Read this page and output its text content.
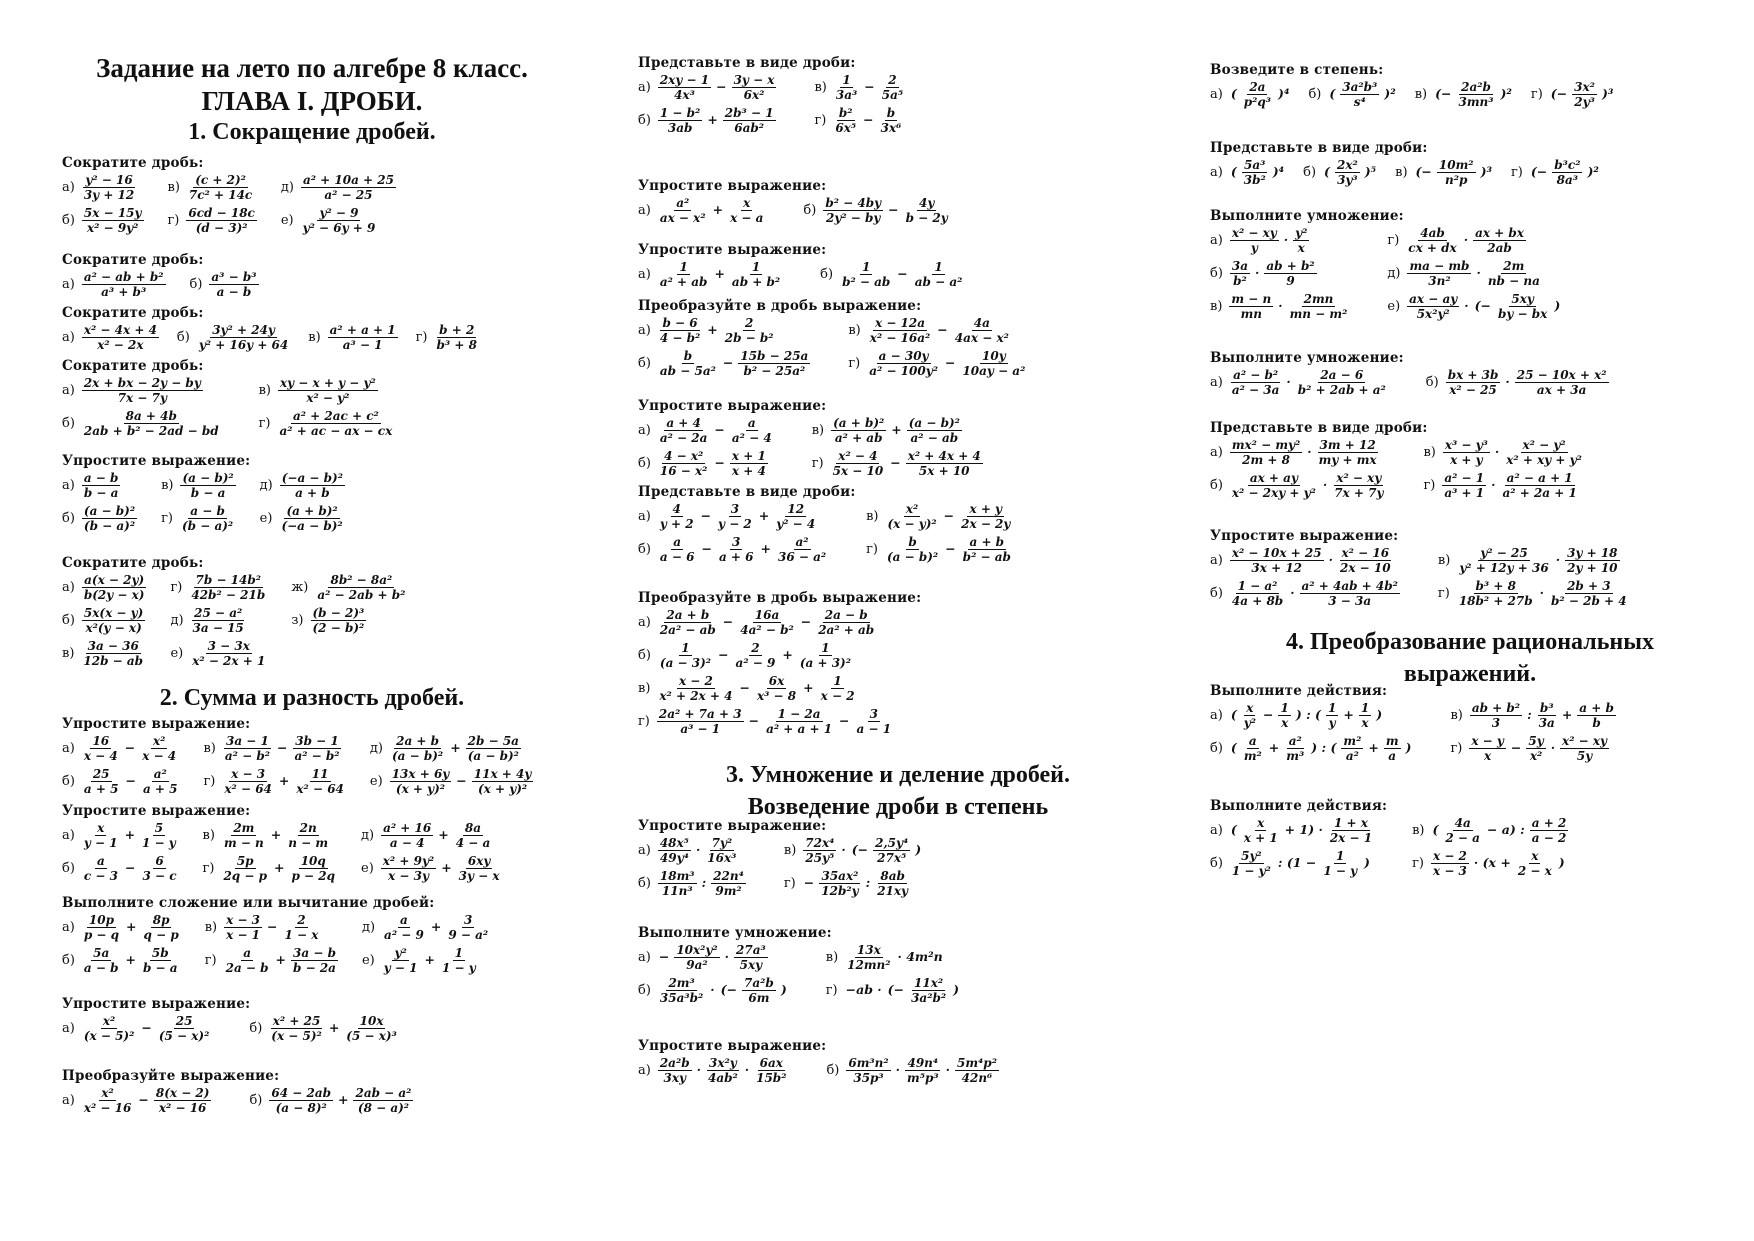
Задание на лето по алгебре 8 класс.
ГЛАВА I. ДРОБИ.
1. Сокращение дробей.
Сократите дробь:
$а) \frac{\text{y² − 16}}{3y + 12} в) \frac{\text{(c + 2)²}}{\text{7c² + 14c}} д) \frac{\text{a² + 10a + 25}}{\text{a² − 25}}$
$б) \frac{5x - 15y}{\text{x² − 9y²}} г) \frac{6cd - 18c}{\text{(d − 3)²}} е) \frac{\text{y² − 9}}{\text{y² − 6y + 9}}$
Сократите дробь:
$а) \frac{\text{a² − ab + b²}}{\text{a³ + b³}} б) \frac{\text{a³ − b³}}{a - b}$
Сократите дробь:
$а) \frac{\text{x² − 4x + 4}}{\text{x² − 2x}} б) \frac{\text{3y² + 24y}}{\text{y² + 16y + 64}} в) \frac{\text{a² + a + 1}}{\text{a³ − 1}} г) \frac{b + 2}{\text{b³ + 8}}$
Сократите дробь:
$а) \frac{2x + bx - 2y - by}{7x - 7y}$	$в) \frac{\text{xy − x + y − y²}}{\text{x² − y²}}$
$б) \frac{8a + 4b}{\text{2ab + b² − 2ad − bd}}$	$г) \frac{\text{a² + 2ac + c²}}{\text{a² + ac − ax − cx}}$
Упростите выражение:
$а) \frac{a - b}{b - a}$	$в) \frac{\text{(a − b)²}}{b - a} д) \frac{\text{(−a − b)²}}{a + b}$
$б) \frac{\text{(a − b)²}}{\text{(b − a)²}} г) \frac{a - b}{\text{(b − a)²}} е) \frac{\text{(a + b)²}}{\text{(−a − b)²}}$
Сократите дробь:
$а) \frac{a(x - 2y)}{b(2y - x)} г) \frac{\text{7b − 14b²}}{\text{42b² − 21b}} ж) \frac{\text{8b² − 8a²}}{\text{a² − 2ab + b²}}$
$б) \frac{5x(x - y)}{\text{x²(y − x)}} д) \frac{\text{25 − a²}}{3a - 15}$	$з) \frac{\text{(b − 2)³}}{\text{(2 − b)²}}$
$в) \frac{3a - 36}{12b - ab} е) \frac{3 - 3x}{\text{x² − 2x + 1}}$
2. Сумма и разность дробей.
Упростите выражение:
$а) \frac{16}{x - 4} - \frac{\text{x²}}{x - 4} в) \frac{3a - 1}{\text{a² − b²}} - \frac{3b - 1}{\text{a² − b²}} д) \frac{2a + b}{\text{(a − b)²}} + \frac{2b - 5a}{\text{(a − b)²}}$
$б) \frac{25}{a + 5} - \frac{\text{a²}}{a + 5} г) \frac{x - 3}{\text{x² − 64}} + \frac{11}{\text{x² − 64}} е) \frac{13x + 6y}{\text{(x + y)²}} - \frac{11x + 4y}{\text{(x + y)²}}$
Упростите выражение:
$а) \frac{x}{y - 1} + \frac{5}{1 - y} в) \frac{2m}{m - n} + \frac{2n}{n - m} д) \frac{\text{a² + 16}}{a - 4} + \frac{8a}{4 - a}$
$б) \frac{a}{c - 3} - \frac{6}{3 - c} г) \frac{5p}{2q - p} + \frac{10q}{p - 2q} е) \frac{\text{x² + 9y²}}{x - 3y} + \frac{6xy}{3y - x}$
Выполните сложение или вычитание дробей:
$а) \frac{10p}{p - q} + \frac{8p}{q - p} в) \frac{x - 3}{x - 1} - \frac{2}{1 - x}$	$д) \frac{a}{\text{a² − 9}} + \frac{3}{\text{9 − a²}}$
$б) \frac{5a}{a - b} + \frac{5b}{b - a} г) \frac{a}{2a - b} + \frac{3a - b}{b - 2a} е) \frac{\text{y²}}{y - 1} + \frac{1}{1 - y}$
Упростите выражение:
$а) \frac{\text{x²}}{\text{(x − 5)²}} - \frac{25}{\text{(5 − x)²}}$	$б) \frac{\text{x² + 25}}{\text{(x − 5)²}} + \frac{10x}{\text{(5 − x)³}}$
Преобразуйте выражение:
$а) \frac{\text{x²}}{\text{x² − 16}} - \frac{8(x - 2)}{\text{x² − 16}}$	$б) \frac{64 - 2ab}{\text{(a − 8)²}} + \frac{\text{2ab − a²}}{\text{(8 − a)²}}$
Представьте в виде дроби:
$а) \frac{2xy - 1}{\text{4x³}} - \frac{3y - x}{\text{6x²}}$	$в) \frac{1}{\text{3a³}} - \frac{2}{\text{5a⁵}}$
$б) \frac{\text{1 − b²}}{3ab} + \frac{\text{2b³ − 1}}{\text{6ab²}}$	$г) \frac{\text{b²}}{\text{6x⁵}} - \frac{b}{\text{3x⁶}}$
Упростите выражение:
$а) \frac{\text{a²}}{\text{ax − x²}} + \frac{x}{x - a}$	$б) \frac{\text{b² − 4by}}{\text{2y² − by}} - \frac{4y}{b - 2y}$
Упростите выражение:
$а) \frac{1}{\text{a² + ab}} + \frac{1}{\text{ab + b²}}$	$б) \frac{1}{\text{b² − ab}} - \frac{1}{\text{ab − a²}}$
Преобразуйте в дробь выражение:
$а) \frac{b - 6}{\text{4 − b²}} + \frac{2}{\text{2b − b²}}$	$в) \frac{x - 12a}{\text{x² − 16a²}} - \frac{4a}{\text{4ax − x²}}$
$б) \frac{b}{\text{ab − 5a²}} - \frac{15b - 25a}{\text{b² − 25a²}}$	$г) \frac{a - 30y}{\text{a² − 100y²}} - \frac{10y}{\text{10ay − a²}}$
Упростите выражение:
$а) \frac{a + 4}{\text{a² − 2a}} - \frac{a}{\text{a² − 4}}$	$в) \frac{\text{(a + b)²}}{\text{a² + ab}} + \frac{\text{(a − b)²}}{\text{a² − ab}}$
$б) \frac{\text{4 − x²}}{\text{16 − x²}} - \frac{x + 1}{x + 4}$	$г) \frac{\text{x² − 4}}{5x - 10} - \frac{\text{x² + 4x + 4}}{5x + 10}$
Представьте в виде дроби:
$а) \frac{4}{y + 2} - \frac{3}{y - 2} + \frac{12}{\text{y² − 4}}$	$в) \frac{\text{x²}}{\text{(x − y)²}} - \frac{x + y}{2x - 2y}$
$б) \frac{a}{a - 6} - \frac{3}{a + 6} + \frac{\text{a²}}{\text{36 − a²}}$	$г) \frac{b}{\text{(a − b)²}} - \frac{a + b}{\text{b² − ab}}$
Преобразуйте в дробь выражение:
$а) \frac{2a + b}{\text{2a² − ab}} - \frac{16a}{\text{4a² − b²}} - \frac{2a - b}{\text{2a² + ab}}$
$б) \frac{1}{\text{(a − 3)²}} - \frac{2}{\text{a² − 9}} + \frac{1}{\text{(a + 3)²}}$
$в) \frac{x - 2}{\text{x² + 2x + 4}} - \frac{6x}{\text{x³ − 8}} + \frac{1}{x - 2}$
$г) \frac{\text{2a² + 7a + 3}}{\text{a³ − 1}} - \frac{1 - 2a}{\text{a² + a + 1}} - \frac{3}{a - 1}$
3. Умножение и деление дробей.
Возведение дроби в степень
Упростите выражение:
$а) \frac{\text{48x⁵}}{\text{49y⁴}} \cdot \frac{\text{7y²}}{\text{16x³}}$	$в) \frac{\text{72x⁴}}{\text{25y⁵}}$ · (− $\frac{\text{2,5y⁴}}{\text{27x⁵}}$ )
$б) \frac{\text{18m³}}{\text{11n³}}$ : $\frac{\text{22n⁴}}{\text{9m²}}$	$г) - \frac{\text{35ax²}}{\text{12b²y}}$ : $\frac{8ab}{21xy}$
Выполните умножение:
$а) - \frac{\text{10x²y²}}{\text{9a²}} \cdot \frac{\text{27a³}}{5xy}$	$в) \frac{13x}{\text{12mn²}} \cdot 4m^2n$
$б) \frac{\text{2m³}}{\text{35a³b²}}$ · (− $\frac{\text{7a²b}}{6m}$ )	г) −ab · (− $\frac{\text{11x²}}{\text{3a²b²}}$ )
Упростите выражение:
$а) \frac{\text{2a²b}}{3xy} \cdot \frac{\text{3x²y}}{\text{4ab²}} \cdot \frac{6ax}{\text{15b²}}$	$б) \frac{\text{6m³n²}}{\text{35p³}} \cdot \frac{\text{49n⁴}}{\text{m⁵p³}} \cdot \frac{\text{5m⁴p²}}{\text{42n⁶}}$
Возведите в степень:
а) ( $\frac{2a}{\text{p²q³}} )^4$ б) ( $\frac{\text{3a²b³}}{\text{s⁴}} )^2$ в) (− $\frac{\text{2a²b}}{\text{3mn³}} )^2$ г) (− $\frac{\text{3x²}}{\text{2y³}} )^3$
Представьте в виде дроби:
а) ( $\frac{\text{5a³}}{\text{3b²}} )^4$ б) ( $\frac{\text{2x²}}{\text{3y³}} )^5$ в) (− $\frac{\text{10m²}}{\text{n²p}} )^3$ г) (− $\frac{\text{b³c²}}{\text{8a³}} )^2$
Выполните умножение:
$а) \frac{\text{x² − xy}}{y} \cdot \frac{\text{y²}}{x}$	$г) \frac{4ab}{cx + dx} \cdot \frac{ax + bx}{2ab}$
$б) \frac{3a}{\text{b²}} \cdot \frac{\text{ab + b²}}{9}$	$д) \frac{ma - mb}{\text{3n²}} \cdot \frac{2m}{nb - na}$
$в) \frac{m - n}{mn} \cdot \frac{2mn}{\text{mn − m²}}$	$е) \frac{ax - ay}{\text{5x²y²}}$ · (− $\frac{5xy}{by - bx}$ )
Выполните умножение:
$а) \frac{\text{a² − b²}}{\text{a² − 3a}} \cdot \frac{2a - 6}{\text{b² + 2ab + a²}}$	$б) \frac{bx + 3b}{\text{x² − 25}} \cdot \frac{\text{25 − 10x + x²}}{ax + 3a}$
Представьте в виде дроби:
$а) \frac{\text{mx² − my²}}{2m + 8} \cdot \frac{3m + 12}{my + mx}$	$в) \frac{\text{x³ − y³}}{x + y} \cdot \frac{\text{x² − y²}}{\text{x² + xy + y²}}$
$б) \frac{ax + ay}{\text{x² − 2xy + y²}} \cdot \frac{\text{x² − xy}}{7x + 7y}$	$г) \frac{\text{a² − 1}}{\text{a³ + 1}} \cdot \frac{\text{a² − a + 1}}{\text{a² + 2a + 1}}$
Упростите выражение:
$а) \frac{\text{x² − 10x + 25}}{3x + 12} \cdot \frac{\text{x² − 16}}{2x - 10}$	$в) \frac{\text{y² − 25}}{\text{y² + 12y + 36}} \cdot \frac{3y + 18}{2y + 10}$
$б) \frac{\text{1 − a²}}{4a + 8b} \cdot \frac{\text{a² + 4ab + 4b²}}{3 - 3a}$	$г) \frac{\text{b³ + 8}}{\text{18b² + 27b}} \cdot \frac{2b + 3}{\text{b² − 2b + 4}}$
4. Преобразование рациональных
выражений.
Выполните действия:
а) ( $\frac{x}{\text{y²}} - \frac{1}{x}$ ) : ( $\frac{1}{y} + \frac{1}{x}$ )	$в) \frac{\text{ab + b²}}{3}$ : $\frac{\text{b³}}{3a} + \frac{a + b}{b}$
б) ( $\frac{a}{\text{m²}} + \frac{\text{a²}}{\text{m³}}$ ) : ( $\frac{\text{m²}}{\text{a²}} + \frac{m}{a}$ )	$г) \frac{x - y}{x} - \frac{5y}{\text{x²}} \cdot \frac{\text{x² − xy}}{5y}$
Выполните действия:
а) ( $\frac{x}{x + 1} + 1) \cdot \frac{1 + x}{2x - 1}$	в) ( $\frac{4a}{2 - a} - a$) : $\frac{a + 2}{a - 2}$
$б) \frac{\text{5y²}}{\text{1 − y²}}$ : ($1 - \frac{1}{1 - y}$ )	$г) \frac{x - 2}{x - 3} \cdot (x + \frac{x}{2 - x}$ )
